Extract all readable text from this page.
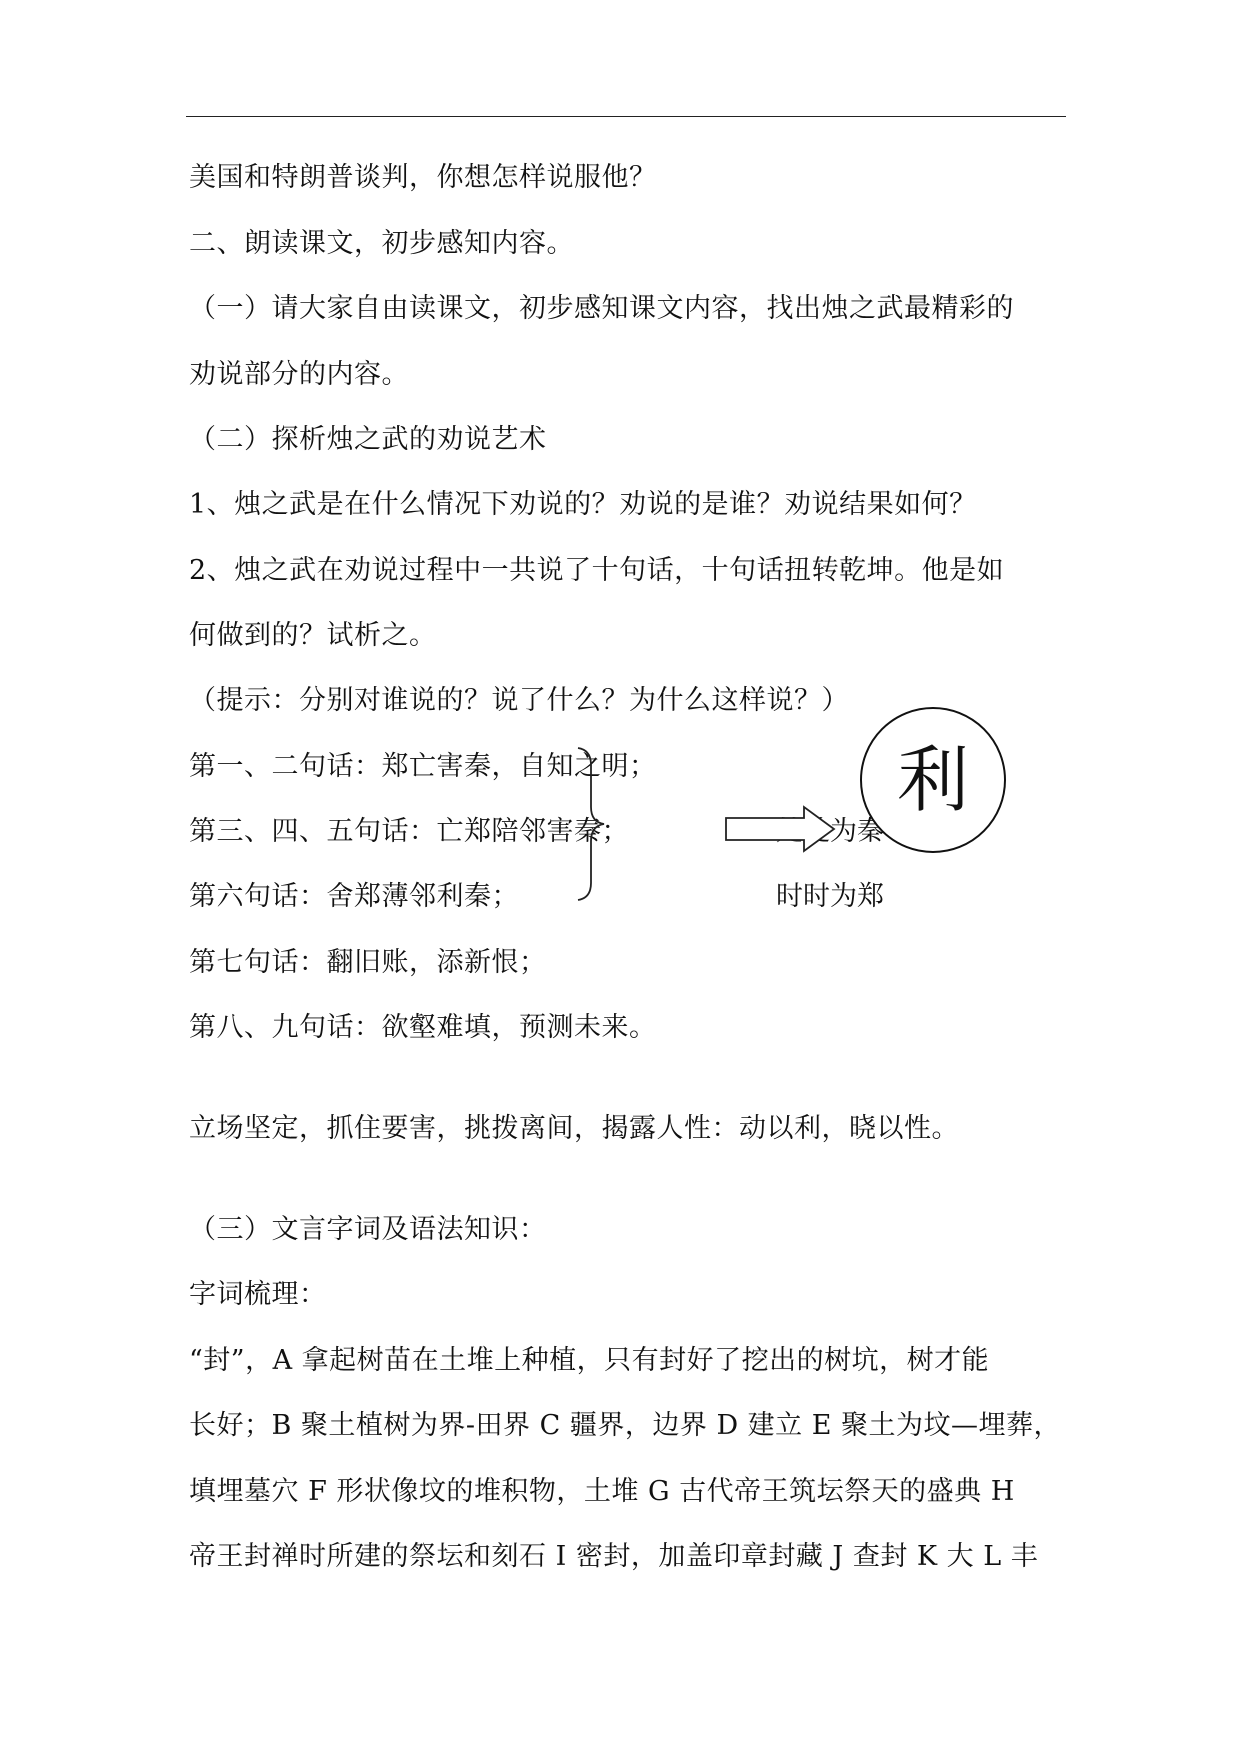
美国和特朗普谈判，你想怎样说服他？
二、朗读课文，初步感知内容。
（一）请大家自由读课文，初步感知课文内容，找出烛之武最精彩的
劝说部分的内容。
（二）探析烛之武的劝说艺术
1、烛之武是在什么情况下劝说的？劝说的是谁？劝说结果如何？
2、烛之武在劝说过程中一共说了十句话，十句话扭转乾坤。他是如
何做到的？试析之。
（提示：分别对谁说的？说了什么？为什么这样说？）
第一、二句话：郑亡害秦，自知之明；
第三、四、五句话：亡郑陪邻害秦；
第六句话：舍郑薄邻利秦；
第七句话：翻旧账，添新恨；
第八、九句话：欲壑难填，预测未来。
立场坚定，抓住要害，挑拨离间，揭露人性：动以利，晓以性。
（三）文言字词及语法知识：
字词梳理：
“封”，A 拿起树苗在土堆上种植，只有封好了挖出的树坑，树才能
长好；B 聚土植树为界-田界 C 疆界，边界 D 建立 E 聚土为坟—埋葬，
填埋墓穴 F 形状像坟的堆积物，土堆 G 古代帝王筑坛祭天的盛典 H
帝王封禅时所建的祭坛和刻石 I 密封，加盖印章封藏 J 查封 K 大 L 丰
时时为郑
利
